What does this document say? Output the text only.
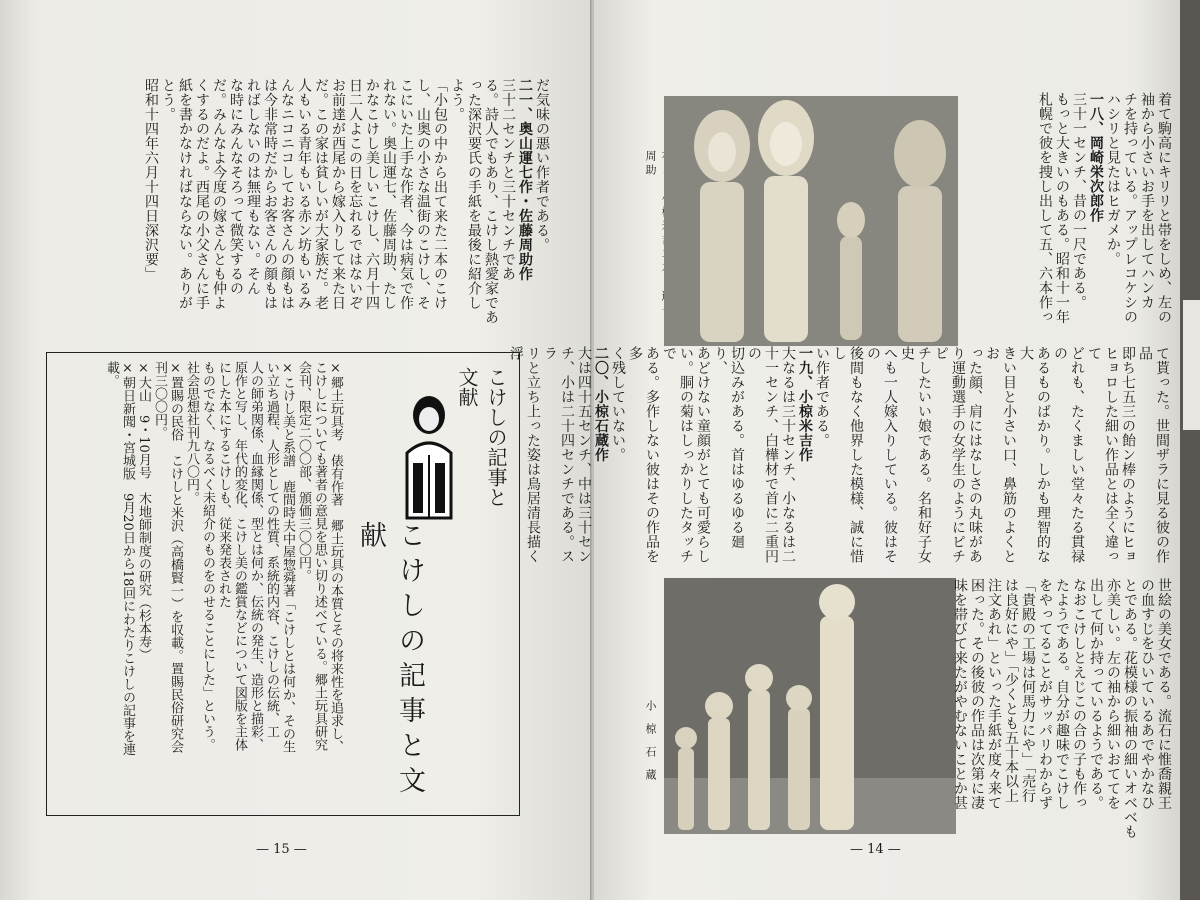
だ気味の悪い作者である。
二一、奥山運七作・佐藤周助作
三十二センチと三十センチであ
る。詩人でもあり、こけし熱愛家であ
った深沢要氏の手紙を最後に紹介し
よう。
「小包の中から出て来た二本のこけ
し、山奥の小さな温街のこけし、そ
こにいた上手な作者、今は病気で作
れない。奥山運七、佐藤周助、たし
かなこけし美しいこけし、六月十四
日二人よこの日を忘れるではないぞ
お前達が西尾から嫁入りして来た日
だ。この家は貧しいが大家族だ。老
人もいる青年もいる赤ン坊もいるみ
んなニコニコしてお客さんの顔もは
は今非常時だからお客さんの顔もは
ればしないのは無理もない。そん
な時にみんなそろって微笑するの
だ。みんなよ今度の嫁さんとも仲よ
くするのだよ。西尾の小父さんに手
紙を書かなければならない。ありが
とう。
昭和十四年六月十四日深沢要」
×郷土玩具考　俵有作著　郷土玩具の本質とその将来性を追求し、
こけしについても著者の意見を思い切り述べている。郷土玩具研究
会刊、限定二〇〇部、頒価三〇〇円。
×こけし美と系譜　鹿間時夫中屋惣舜著「こけしとは何か、その生
い立ち過程、人形としての性質、系統的内容、こけしの伝統、工
人の師弟関係、血縁関係、型とは何か、伝統の発生、造形と描彩、
原作と写し、年代的変化、こけし美の鑑賞などについて図版を主体
にした本にするこけしも、従来発表された
ものでなく、なるべく未紹介のものをのせることにした」という。
社会思想社刊九八〇円。
×置賜の民俗　こけしと米沢（高橋賢一）を収載。置賜民俗研究会
刊三〇〇円。
×大山　9・10月号　木地師制度の研究（杉本寿）
×朝日新聞・宮城版　9月20日から18回にわたりこけしの記事を連
載。
こけしの記事と文献
こけしの記事と文献
— 15 —
着て駒高にキリリと帯をしめ、左の
袖から小さいお手を出してハンカ
チを持っている。アップレコケシの
ハシリと見たはヒガメか。
一八、岡崎栄次郎作
三十一センチ、昔の一尺である。
もっと大きいのもある。昭和十一年
札幌で彼を捜し出して五、六本作っ
周助
て貰った。世間ザラに見る彼の作品
即ち七五三の飴ン棒のようにヒョ
ヒョロした細い作品とは全く違って
どれも、たくましい堂々たる貫禄の
あるものばかり。しかも理智的な大
きい目と小さい口、鼻筋のよくとお
った顔、肩にはなしさの丸味があ
り運動選手の女学生のようにピチピ
チしたいい娘である。名和好子女史
へも一人嫁入りしている。彼はその
後間もなく他界した模様、誠に惜し
い作者である。
一九、小椋米吉作
大なるは三十センチ、小なるは二
十一センチ、白樺材で首に二重円の
切込みがある。首はゆるゆる廻り、
あどけない童顔がとても可愛らし
い。胴の菊はしっかりしたタッチで
ある。多作しない彼はその作品を多
く残していない。
二〇、小椋石蔵作
大は四十五センチ、中は三十セン
チ、小は二十四センチである。スラ
リと立ち上った姿は鳥居清長描く浮
小椋石蔵	世絵の美女である。流石に惟喬親王
の血すじをひいているあでやかなひ
とである。花模様の振袖の細いオベベも
亦美しい。左の袖から細いおててを
出して何か持っているようである。
なおこけしとえじこの合の子も作っ
たようである。自分が趣味でこけし
をやってることがサッパリわからず
「貴殿の工場は何馬力にや」「売行
は良好にや」「少くとも五十本以上
注文あれ」といった手紙が度々来て
困った。その後彼の作品は次第に凄
味を帯びて来たがやむないことか甚
— 14 —
